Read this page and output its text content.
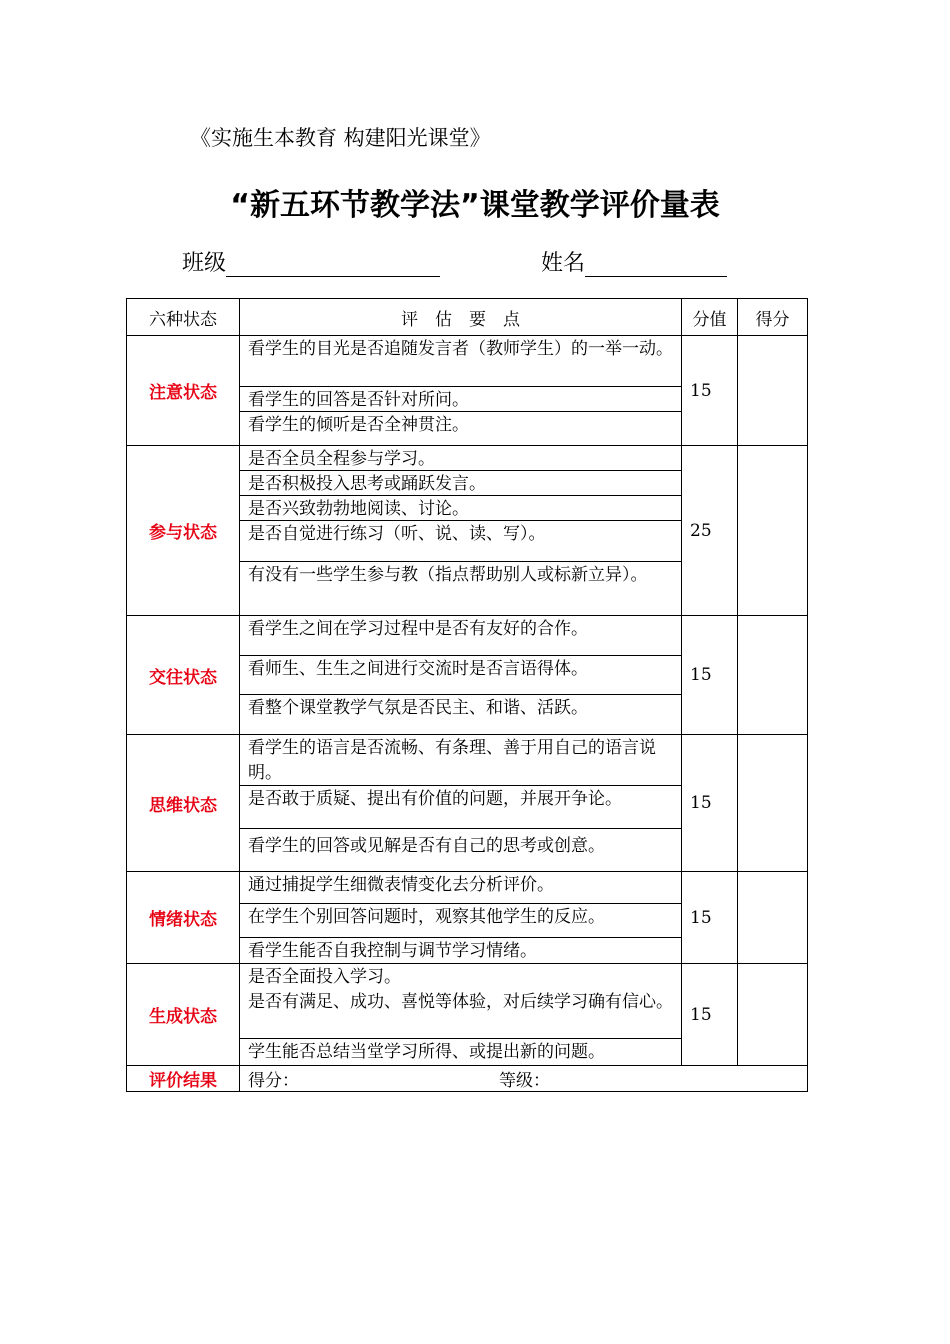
《实施生本教育 构建阳光课堂》
“新五环节教学法”课堂教学评价量表
班级	姓名
六种状态	评　估　要　点	分值	得分
注意状态	看学生的目光是否追随发言者（教师学生）的一举一动。
看学生的回答是否针对所问。
看学生的倾听是否全神贯注。	15	
参与状态	是否全员全程参与学习。
是否积极投入思考或踊跃发言。
是否兴致勃勃地阅读、讨论。
是否自觉进行练习（听、说、读、写）。
有没有一些学生参与教（指点帮助别人或标新立异）。	25	
交往状态	看学生之间在学习过程中是否有友好的合作。
看师生、生生之间进行交流时是否言语得体。
看整个课堂教学气氛是否民主、和谐、活跃。	15	
思维状态	看学生的语言是否流畅、有条理、善于用自己的语言说明。
是否敢于质疑、提出有价值的问题，并展开争论。
看学生的回答或见解是否有自己的思考或创意。	15	
情绪状态	通过捕捉学生细微表情变化去分析评价。
在学生个别回答问题时，观察其他学生的反应。
看学生能否自我控制与调节学习情绪。	15	
生成状态	是否全面投入学习。
是否有满足、成功、喜悦等体验，对后续学习确有信心。
学生能否总结当堂学习所得、或提出新的问题。	15	
评价结果	得分： 等级：		
